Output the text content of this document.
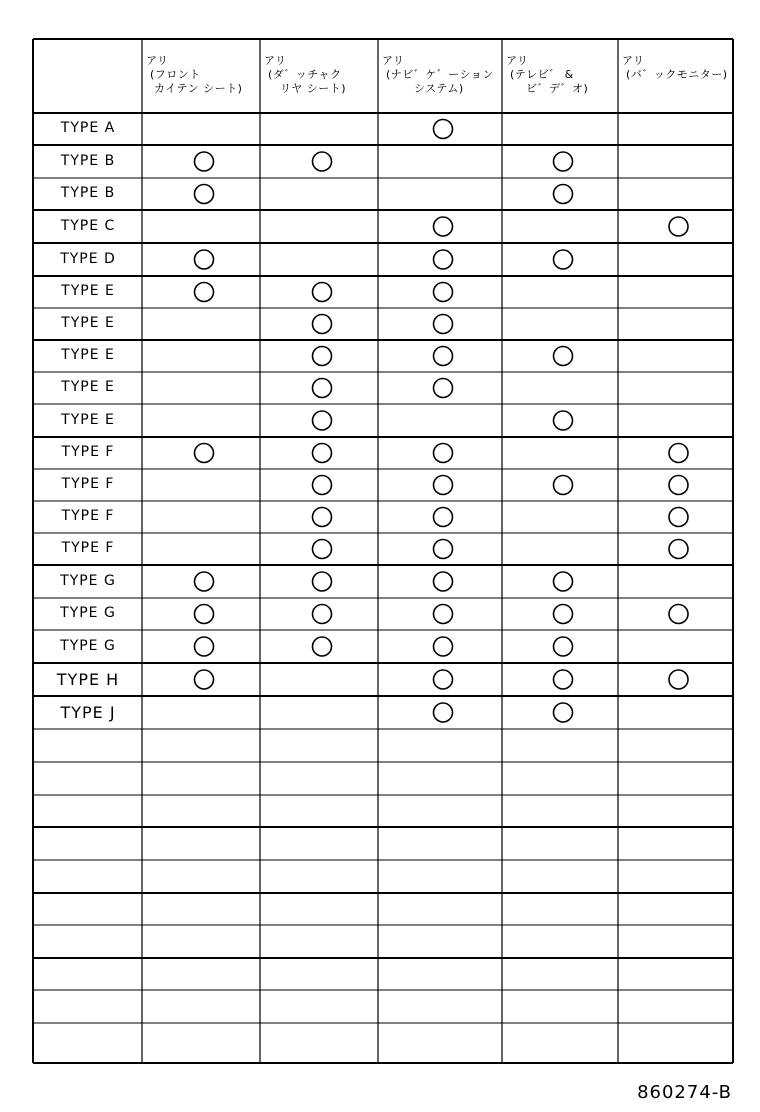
アリ
(フロント
カイテン シート)
アリ
(ダ゛ッチャク
リヤ シート)
アリ
(ナビ゛ケ゛ーション
システム)
アリ
(テレビ゛ &
ビ゛デ゛オ)
アリ
(バ゛ックモニター)
TYPE A
TYPE B
TYPE B
TYPE C
TYPE D
TYPE E
TYPE E
TYPE E
TYPE E
TYPE E
TYPE F
TYPE F
TYPE F
TYPE F
TYPE G
TYPE G
TYPE G
TYPE H
TYPE J
860274-B
